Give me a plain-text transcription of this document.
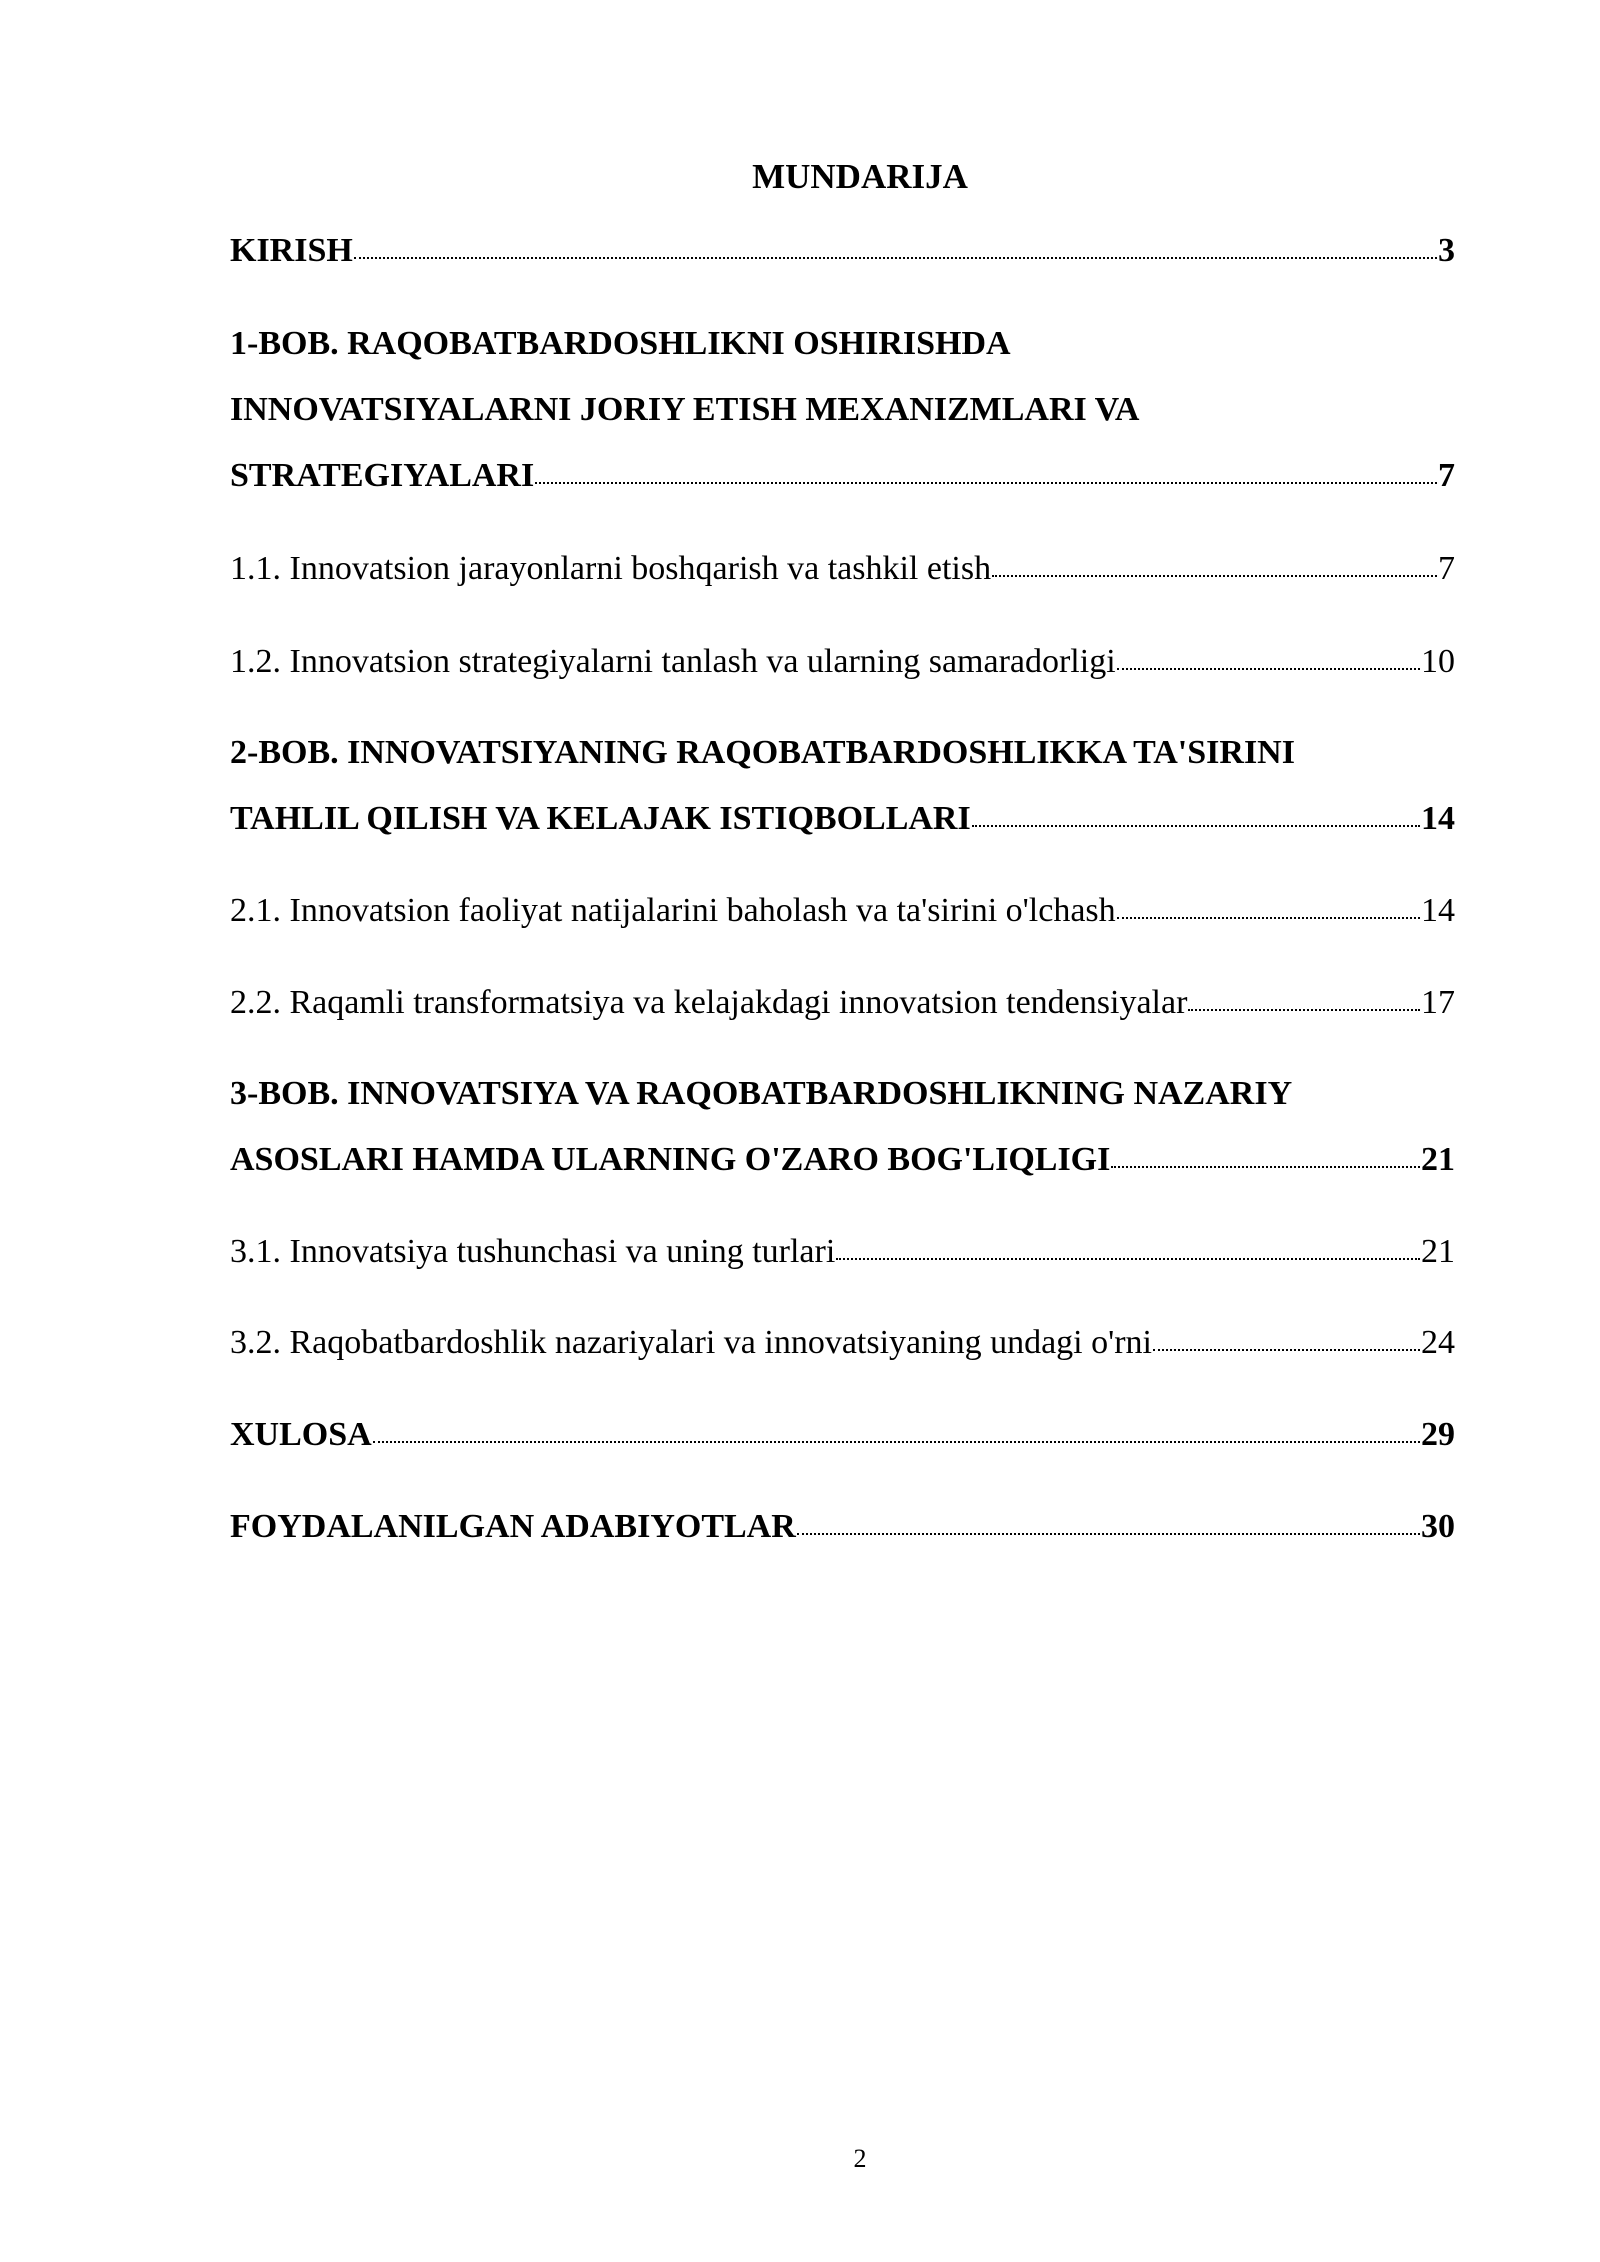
MUNDARIJA
KIRISH	3
1-BOB. RAQOBATBARDOSHLIKNI OSHIRISHDA
INNOVATSIYALARNI JORIY ETISH MEXANIZMLARI VA
STRATEGIYALARI	7
1.1. Innovatsion jarayonlarni boshqarish va tashkil etish	7
1.2. Innovatsion strategiyalarni tanlash va ularning samaradorligi	10
2-BOB. INNOVATSIYANING RAQOBATBARDOSHLIKKA TA'SIRINI
TAHLIL QILISH VA KELAJAK ISTIQBOLLARI	14
2.1. Innovatsion faoliyat natijalarini baholash va ta'sirini o'lchash	14
2.2. Raqamli transformatsiya va kelajakdagi innovatsion tendensiyalar	17
3-BOB. INNOVATSIYA VA RAQOBATBARDOSHLIKNING NAZARIY
ASOSLARI HAMDA ULARNING O'ZARO BOG'LIQLIGI	21
3.1. Innovatsiya tushunchasi va uning turlari	21
3.2. Raqobatbardoshlik nazariyalari va innovatsiyaning undagi o'rni	24
XULOSA	29
FOYDALANILGAN ADABIYOTLAR	30
2
